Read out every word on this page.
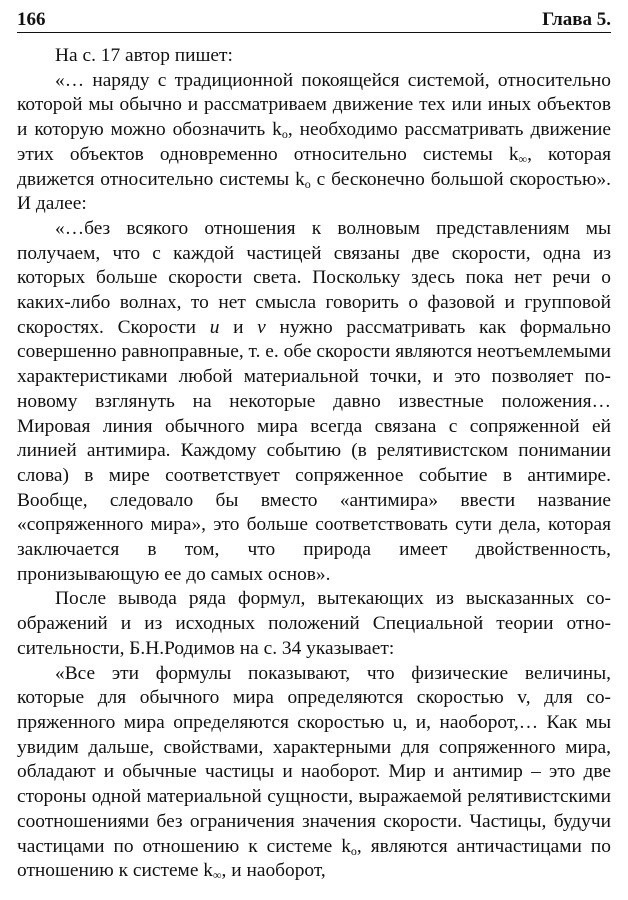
166	Глава 5.

На с. 17 автор пишет:

«… наряду с традиционной покоящейся системой, относительно которой мы обычно и рассматриваем движение тех или иных объектов и которую можно обозначить $k_o$, необходимо рассматривать движение этих объектов одновременно относительно системы $k_\infty$, которая движется относительно системы $k_o$ с бесконечно большой скоростью». И далее:

«…без всякого отношения к волновым представлениям мы получаем, что с каждой частицей связаны две скорости, одна из которых больше скорости света. Поскольку здесь пока нет речи о каких-либо волнах, то нет смысла говорить о фазовой и групповой скоростях. Скорости u и v нужно рассматривать как формально совершенно равноправные, т. е. обе скорости являются неотъемлемыми характеристиками любой материальной точки, и это позволяет по-новому взглянуть на некоторые давно известные положения… Мировая линия обычного мира всегда связана с сопряженной ей линией антимира. Каждому событию (в релятивистском понимании слова) в мире соответствует сопряженное событие в антимире. Вообще, следовало бы вместо «антимира» ввести название «сопряженного мира», это больше соответствовать сути дела, которая заключается в том, что природа имеет двойственность, пронизывающую ее до самых основ».

После вывода ряда формул, вытекающих из высказанных соображений и из исходных положений Специальной теории относительности, Б.Н.Родимов на с. 34 указывает:

«Все эти формулы показывают, что физические величины, которые для обычного мира определяются скоростью v, для сопряженного мира определяются скоростью u, и, наоборот,… Как мы увидим дальше, свойствами, характерными для сопряженного мира, обладают и обычные частицы и наоборот. Мир и антимир – это две стороны одной материальной сущности, выражаемой релятивистскими соотношениями без ограничения значения скорости. Частицы, будучи частицами по отношению к системе $k_o$, являются античастицами по отношению к системе $k_\infty$, и наоборот,
